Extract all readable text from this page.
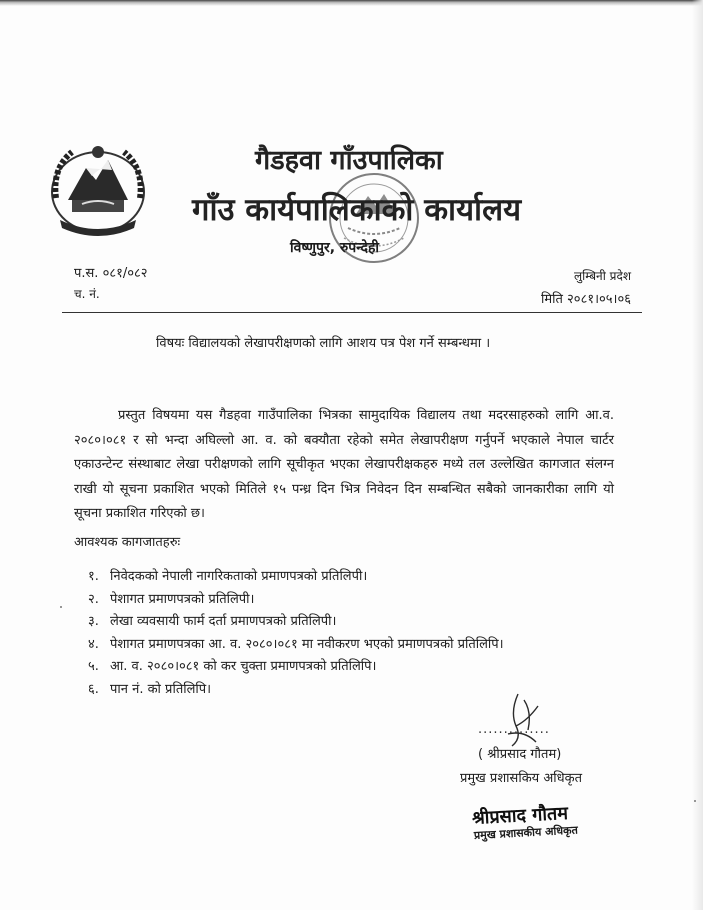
गैडहवा गाँउपालिका
गाँउ कार्यपालिकाको कार्यालय
विष्णुपुर, रुपन्देही
प.स. ०८१/०८२
च. नं.
लुम्बिनी प्रदेश
मिति २०८१।०५।०६
विषयः विद्यालयको लेखापरीक्षणको लागि आशय पत्र पेश गर्ने सम्बन्धमा ।

प्रस्तुत विषयमा यस गैडहवा गाउँपालिका भित्रका सामुदायिक विद्यालय तथा मदरसाहरुको लागि आ.व. २०८०।०८१ र सो भन्दा अघिल्लो आ. व. को बक्यौता रहेको समेत लेखापरीक्षण गर्नुपर्ने भएकाले नेपाल चार्टर एकाउन्टेन्ट संस्थाबाट लेखा परीक्षणको लागि सूचीकृत भएका लेखापरीक्षकहरु मध्ये तल उल्लेखित कागजात संलग्न राखी यो सूचना प्रकाशित भएको मितिले १५ पन्ध्र दिन भित्र निवेदन दिन सम्बन्धित सबैको जानकारीका लागि यो सूचना प्रकाशित गरिएको छ।

आवश्यक कागजातहरुः
१. निवेदकको नेपाली नागरिकताको प्रमाणपत्रको प्रतिलिपी।
२. पेशागत प्रमाणपत्रको प्रतिलिपी।
३. लेखा व्यवसायी फार्म दर्ता प्रमाणपत्रको प्रतिलिपी।
४. पेशागत प्रमाणपत्रका आ. व. २०८०।०८१ मा नवीकरण भएको प्रमाणपत्रको प्रतिलिपि।
५. आ. व. २०८०।०८१ को कर चुक्ता प्रमाणपत्रको प्रतिलिपि।
६. पान नं. को प्रतिलिपि।
..............
( श्रीप्रसाद गौतम)
प्रमुख प्रशासकिय अधिकृत
श्रीप्रसाद गौतम
प्रमुख प्रशासकीय अधिकृत
